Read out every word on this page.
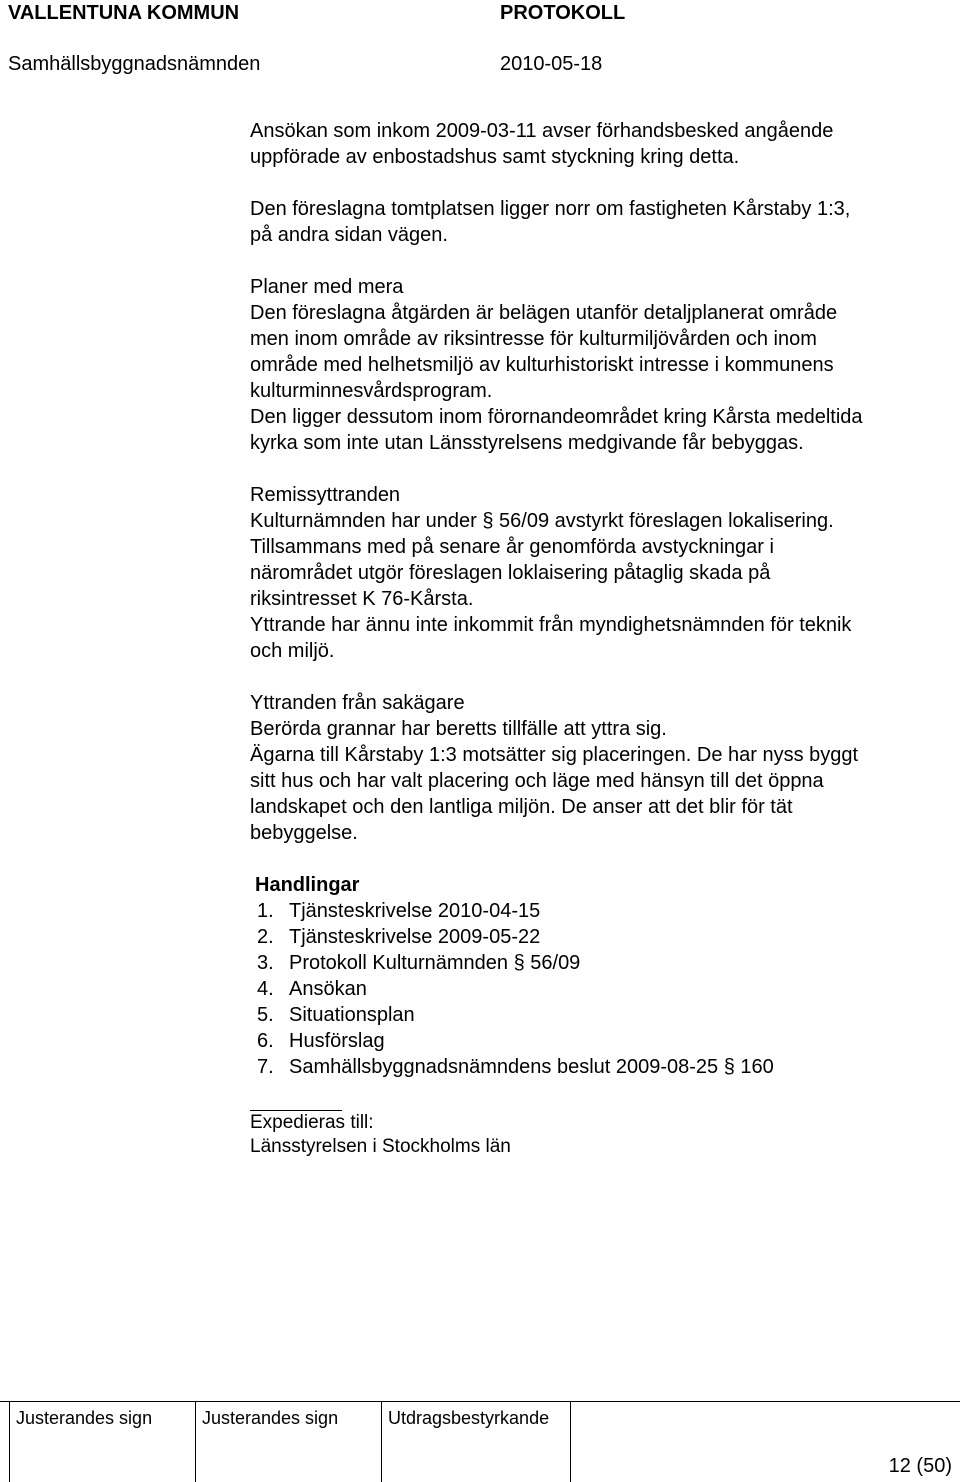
VALLENTUNA KOMMUN	PROTOKOLL
Samhällsbyggnadsnämnden	2010-05-18
Ansökan som inkom 2009-03-11 avser förhandsbesked angående
uppförade av enbostadshus samt styckning kring detta.
Den föreslagna tomtplatsen ligger norr om fastigheten Kårstaby 1:3,
på andra sidan vägen.
Planer med mera
Den föreslagna åtgärden är belägen utanför detaljplanerat område
men inom område av riksintresse för kulturmiljövården och inom
område med helhetsmiljö av kulturhistoriskt intresse i kommunens
kulturminnesvårdsprogram.
Den ligger dessutom inom förornandeområdet kring Kårsta medeltida
kyrka som inte utan Länsstyrelsens medgivande får bebyggas.
Remissyttranden
Kulturnämnden har under § 56/09 avstyrkt föreslagen lokalisering.
Tillsammans med på senare år genomförda avstyckningar i
närområdet utgör föreslagen loklaisering påtaglig skada på
riksintresset K 76-Kårsta.
Yttrande har ännu inte inkommit från myndighetsnämnden för teknik
och miljö.
Yttranden från sakägare
Berörda grannar har beretts tillfälle att yttra sig.
Ägarna till Kårstaby 1:3 motsätter sig placeringen. De har nyss byggt
sitt hus och har valt placering och läge med hänsyn till det öppna
landskapet och den lantliga miljön. De anser att det blir för tät
bebyggelse.
Handlingar
1. Tjänsteskrivelse 2010-04-15
2. Tjänsteskrivelse 2009-05-22
3. Protokoll Kulturnämnden § 56/09
4. Ansökan
5. Situationsplan
6. Husförslag
7. Samhällsbyggnadsnämndens beslut 2009-08-25 § 160
Expedieras till:
Länsstyrelsen i Stockholms län
Justerandes sign	Justerandes sign	Utdragsbestyrkande
12 (50)
